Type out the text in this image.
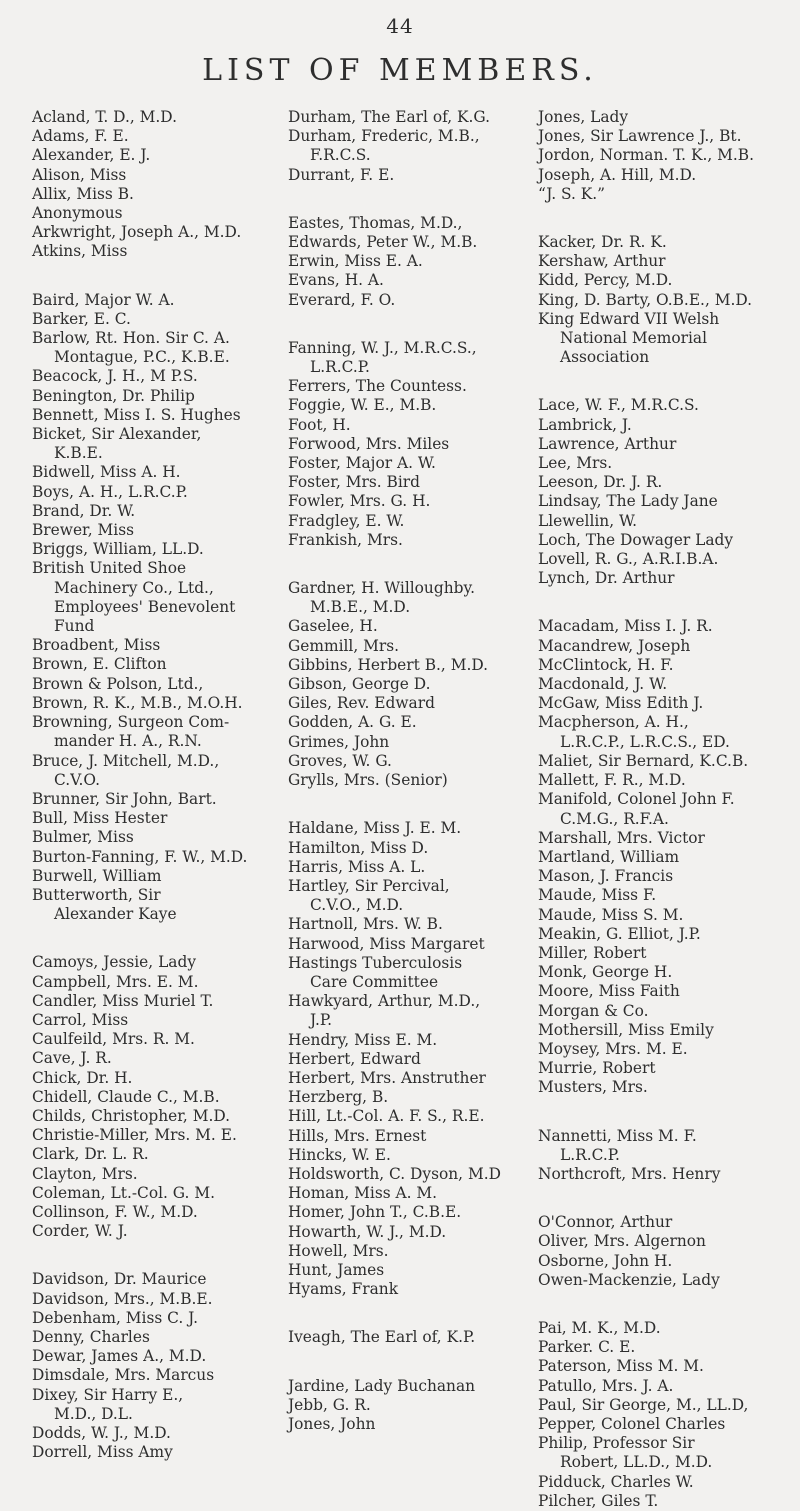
44
LIST OF MEMBERS.
Acland, T. D., M.D.
Adams, F. E.
Alexander, E. J.
Alison, Miss
Allix, Miss B.
Anonymous
Arkwright, Joseph A., M.D.
Atkins, Miss
Baird, Major W. A.
Barker, E. C.
Barlow, Rt. Hon. Sir C. A.
Montague, P.C., K.B.E.
Beacock, J. H., M P.S.
Benington, Dr. Philip
Bennett, Miss I. S. Hughes
Bicket, Sir Alexander,
K.B.E.
Bidwell, Miss A. H.
Boys, A. H., L.R.C.P.
Brand, Dr. W.
Brewer, Miss
Briggs, William, LL.D.
British United Shoe
Machinery Co., Ltd.,
Employees' Benevolent
Fund
Broadbent, Miss
Brown, E. Clifton
Brown & Polson, Ltd.,
Brown, R. K., M.B., M.O.H.
Browning, Surgeon Com-
mander H. A., R.N.
Bruce, J. Mitchell, M.D.,
C.V.O.
Brunner, Sir John, Bart.
Bull, Miss Hester
Bulmer, Miss
Burton-Fanning, F. W., M.D.
Burwell, William
Butterworth, Sir
Alexander Kaye
Camoys, Jessie, Lady
Campbell, Mrs. E. M.
Candler, Miss Muriel T.
Carrol, Miss
Caulfeild, Mrs. R. M.
Cave, J. R.
Chick, Dr. H.
Chidell, Claude C., M.B.
Childs, Christopher, M.D.
Christie-Miller, Mrs. M. E.
Clark, Dr. L. R.
Clayton, Mrs.
Coleman, Lt.-Col. G. M.
Collinson, F. W., M.D.
Corder, W. J.
Davidson, Dr. Maurice
Davidson, Mrs., M.B.E.
Debenham, Miss C. J.
Denny, Charles
Dewar, James A., M.D.
Dimsdale, Mrs. Marcus
Dixey, Sir Harry E.,
M.D., D.L.
Dodds, W. J., M.D.
Dorrell, Miss Amy
Durham, The Earl of, K.G.
Durham, Frederic, M.B.,
F.R.C.S.
Durrant, F. E.
Eastes, Thomas, M.D.,
Edwards, Peter W., M.B.
Erwin, Miss E. A.
Evans, H. A.
Everard, F. O.
Fanning, W. J., M.R.C.S.,
L.R.C.P.
Ferrers, The Countess.
Foggie, W. E., M.B.
Foot, H.
Forwood, Mrs. Miles
Foster, Major A. W.
Foster, Mrs. Bird
Fowler, Mrs. G. H.
Fradgley, E. W.
Frankish, Mrs.
Gardner, H. Willoughby.
M.B.E., M.D.
Gaselee, H.
Gemmill, Mrs.
Gibbins, Herbert B., M.D.
Gibson, George D.
Giles, Rev. Edward
Godden, A. G. E.
Grimes, John
Groves, W. G.
Grylls, Mrs. (Senior)
Haldane, Miss J. E. M.
Hamilton, Miss D.
Harris, Miss A. L.
Hartley, Sir Percival,
C.V.O., M.D.
Hartnoll, Mrs. W. B.
Harwood, Miss Margaret
Hastings Tuberculosis
Care Committee
Hawkyard, Arthur, M.D.,
J.P.
Hendry, Miss E. M.
Herbert, Edward
Herbert, Mrs. Anstruther
Herzberg, B.
Hill, Lt.-Col. A. F. S., R.E.
Hills, Mrs. Ernest
Hincks, W. E.
Holdsworth, C. Dyson, M.D
Homan, Miss A. M.
Homer, John T., C.B.E.
Howarth, W. J., M.D.
Howell, Mrs.
Hunt, James
Hyams, Frank
Iveagh, The Earl of, K.P.
Jardine, Lady Buchanan
Jebb, G. R.
Jones, John
Jones, Lady
Jones, Sir Lawrence J., Bt.
Jordon, Norman. T. K., M.B.
Joseph, A. Hill, M.D.
“J. S. K.”
Kacker, Dr. R. K.
Kershaw, Arthur
Kidd, Percy, M.D.
King, D. Barty, O.B.E., M.D.
King Edward VII Welsh
National Memorial
Association
Lace, W. F., M.R.C.S.
Lambrick, J.
Lawrence, Arthur
Lee, Mrs.
Leeson, Dr. J. R.
Lindsay, The Lady Jane
Llewellin, W.
Loch, The Dowager Lady
Lovell, R. G., A.R.I.B.A.
Lynch, Dr. Arthur
Macadam, Miss I. J. R.
Macandrew, Joseph
McClintock, H. F.
Macdonald, J. W.
McGaw, Miss Edith J.
Macpherson, A. H.,
L.R.C.P., L.R.C.S., ED.
Maliet, Sir Bernard, K.C.B.
Mallett, F. R., M.D.
Manifold, Colonel John F.
C.M.G., R.F.A.
Marshall, Mrs. Victor
Martland, William
Mason, J. Francis
Maude, Miss F.
Maude, Miss S. M.
Meakin, G. Elliot, J.P.
Miller, Robert
Monk, George H.
Moore, Miss Faith
Morgan & Co.
Mothersill, Miss Emily
Moysey, Mrs. M. E.
Murrie, Robert
Musters, Mrs.
Nannetti, Miss M. F.
L.R.C.P.
Northcroft, Mrs. Henry
O'Connor, Arthur
Oliver, Mrs. Algernon
Osborne, John H.
Owen-Mackenzie, Lady
Pai, M. K., M.D.
Parker. C. E.
Paterson, Miss M. M.
Patullo, Mrs. J. A.
Paul, Sir George, M., LL.D,
Pepper, Colonel Charles
Philip, Professor Sir
Robert, LL.D., M.D.
Pidduck, Charles W.
Pilcher, Giles T.
